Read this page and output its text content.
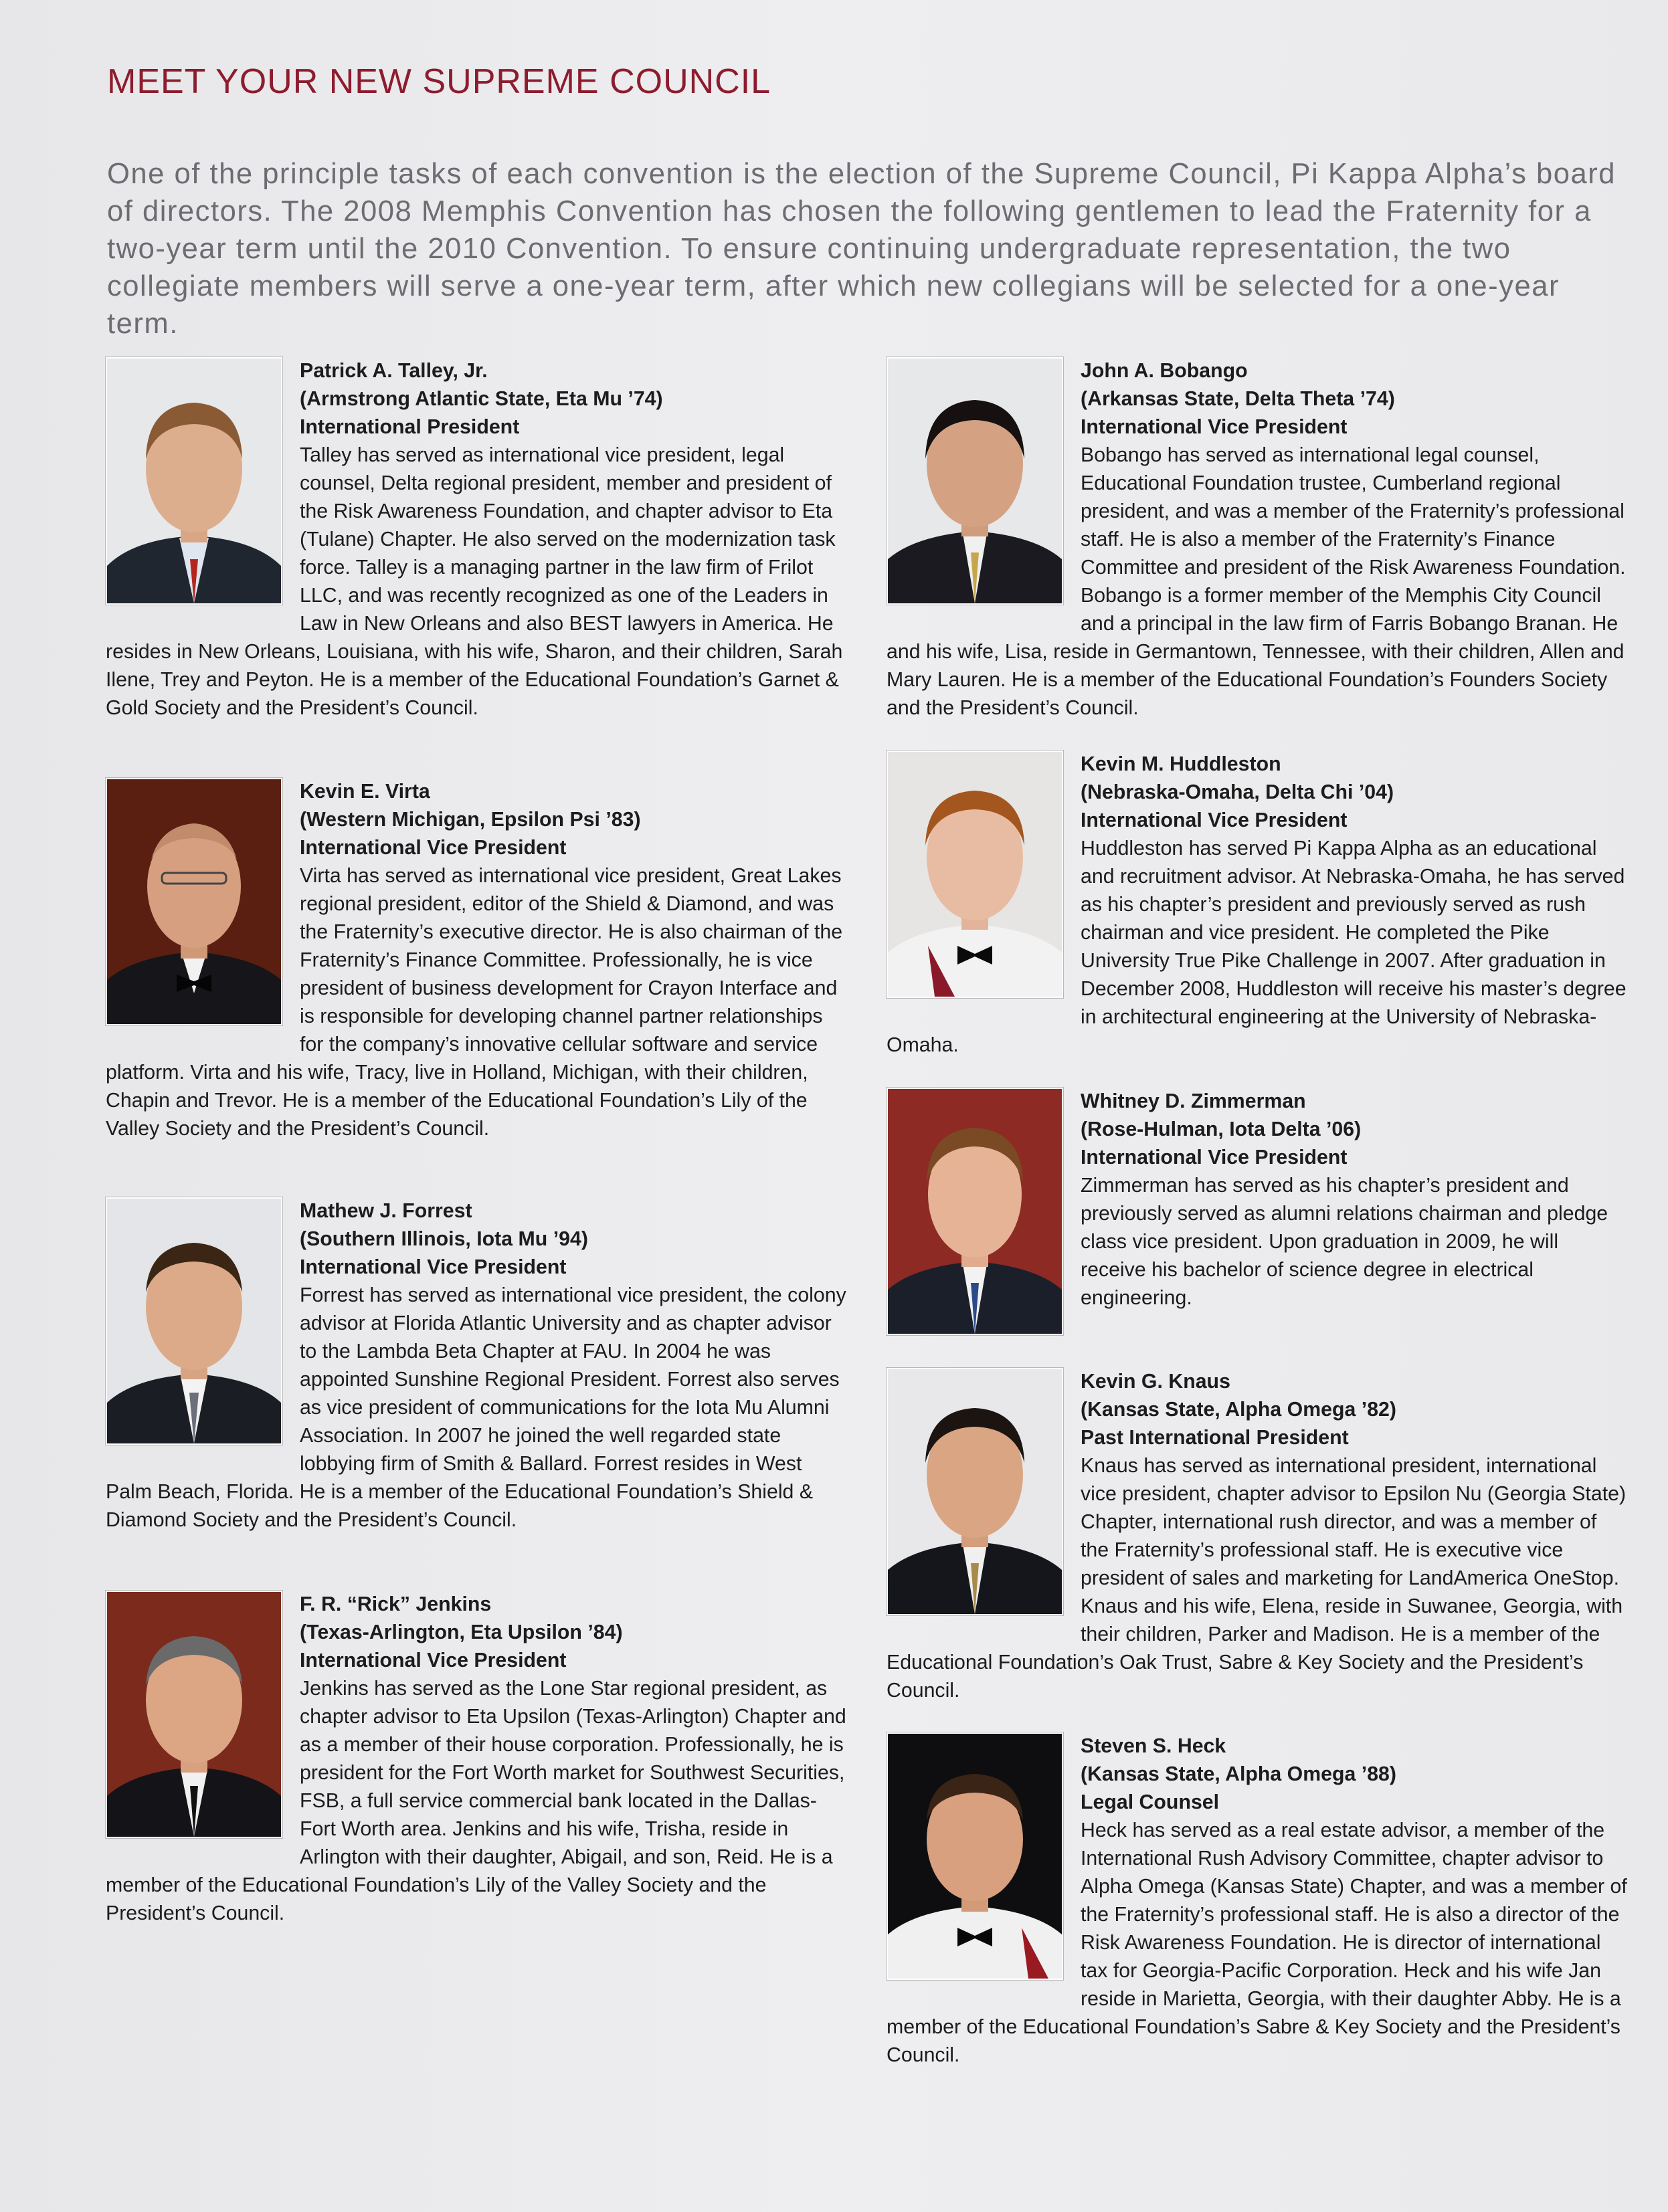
MEET YOUR NEW SUPREME COUNCIL

One of the principle tasks of each convention is the election of the Supreme Council, Pi Kappa Alpha’s board of directors. The 2008 Memphis Convention has chosen the following gentlemen to lead the Fraternity for a two-year term until the 2010 Convention. To ensure continuing undergraduate representation, the two collegiate members will serve a one-year term, after which new collegians will be selected for a one-year term.

Patrick A. Talley, Jr.
(Armstrong Atlantic State, Eta Mu ’74)
International President
Talley has served as international vice president, legal counsel, Delta regional president, member and president of the Risk Awareness Foundation, and chapter advisor to Eta (Tulane) Chapter. He also served on the modernization task force. Talley is a managing partner in the law firm of Frilot LLC, and was recently recognized as one of the Leaders in Law in New Orleans and also BEST lawyers in America. He resides in New Orleans, Louisiana, with his wife, Sharon, and their children, Sarah Ilene, Trey and Peyton. He is a member of the Educational Foundation’s Garnet & Gold Society and the President’s Council.
Kevin E. Virta
(Western Michigan, Epsilon Psi ’83)
International Vice President
Virta has served as international vice president, Great Lakes regional president, editor of the Shield & Diamond, and was the Fraternity’s executive director. He is also chairman of the Fraternity’s Finance Committee. Professionally, he is vice president of business development for Crayon Interface and is responsible for developing channel partner relationships for the company’s innovative cellular software and service platform. Virta and his wife, Tracy, live in Holland, Michigan, with their children, Chapin and Trevor. He is a member of the Educational Foundation’s Lily of the Valley Society and the President’s Council.
Mathew J. Forrest
(Southern Illinois, Iota Mu ’94)
International Vice President
Forrest has served as international vice president, the colony advisor at Florida Atlantic University and as chapter advisor to the Lambda Beta Chapter at FAU. In 2004 he was appointed Sunshine Regional President. Forrest also serves as vice president of communications for the Iota Mu Alumni Association. In 2007 he joined the well regarded state lobbying firm of Smith & Ballard. Forrest resides in West Palm Beach, Florida. He is a member of the Educational Foundation’s Shield & Diamond Society and the President’s Council.
F. R. “Rick” Jenkins
(Texas-Arlington, Eta Upsilon ’84)
International Vice President
Jenkins has served as the Lone Star regional president, as chapter advisor to Eta Upsilon (Texas-Arlington) Chapter and as a member of their house corporation. Professionally, he is president for the Fort Worth market for Southwest Securities, FSB, a full service commercial bank located in the Dallas-Fort Worth area. Jenkins and his wife, Trisha, reside in Arlington with their daughter, Abigail, and son, Reid. He is a member of the Educational Foundation’s Lily of the Valley Society and the President’s Council.
John A. Bobango
(Arkansas State, Delta Theta ’74)
International Vice President
Bobango has served as international legal counsel, Educational Foundation trustee, Cumberland regional president, and was a member of the Fraternity’s professional staff. He is also a member of the Fraternity’s Finance Committee and president of the Risk Awareness Foundation. Bobango is a former member of the Memphis City Council and a principal in the law firm of Farris Bobango Branan. He and his wife, Lisa, reside in Germantown, Tennessee, with their children, Allen and Mary Lauren. He is a member of the Educational Foundation’s Founders Society and the President’s Council.
Kevin M. Huddleston
(Nebraska-Omaha, Delta Chi ’04)
International Vice President
Huddleston has served Pi Kappa Alpha as an educational and recruitment advisor. At Nebraska-Omaha, he has served as his chapter’s president and previously served as rush chairman and vice president. He completed the Pike University True Pike Challenge in 2007. After graduation in December 2008, Huddleston will receive his master’s degree in architectural engineering at the University of Nebraska-Omaha.
Whitney D. Zimmerman
(Rose-Hulman, Iota Delta ’06)
International Vice President
Zimmerman has served as his chapter’s president and previously served as alumni relations chairman and pledge class vice president. Upon graduation in 2009, he will receive his bachelor of science degree in electrical engineering.
Kevin G. Knaus
(Kansas State, Alpha Omega ’82)
Past International President
Knaus has served as international president, international vice president, chapter advisor to Epsilon Nu (Georgia State) Chapter, international rush director, and was a member of the Fraternity’s professional staff. He is executive vice president of sales and marketing for LandAmerica OneStop. Knaus and his wife, Elena, reside in Suwanee, Georgia, with their children, Parker and Madison. He is a member of the Educational Foundation’s Oak Trust, Sabre & Key Society and the President’s Council.
Steven S. Heck
(Kansas State, Alpha Omega ’88)
Legal Counsel
Heck has served as a real estate advisor, a member of the International Rush Advisory Committee, chapter advisor to Alpha Omega (Kansas State) Chapter, and was a member of the Fraternity’s professional staff. He is also a director of the Risk Awareness Foundation. He is director of international tax for Georgia-Pacific Corporation. Heck and his wife Jan reside in Marietta, Georgia, with their daughter Abby. He is a member of the Educational Foundation’s Sabre & Key Society and the President’s Council.
